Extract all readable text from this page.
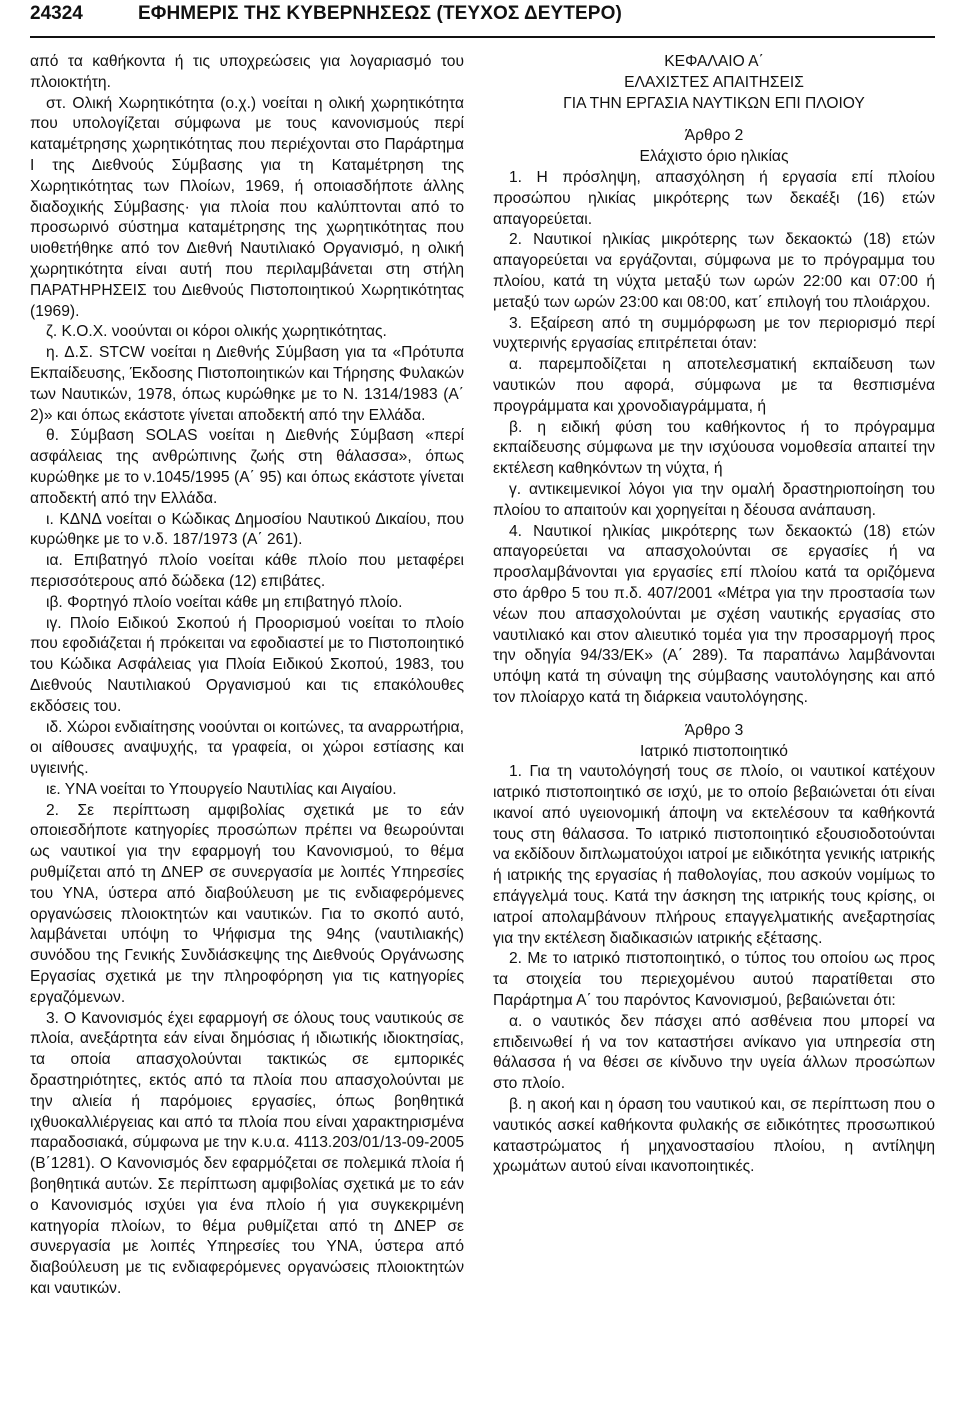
24324	ΕΦΗΜΕΡΙΣ ΤΗΣ ΚΥΒΕΡΝΗΣΕΩΣ (ΤΕΥΧΟΣ ΔΕΥΤΕΡΟ)

από τα καθήκοντα ή τις υποχρεώσεις για λογαριασμό του πλοιοκτήτη.

στ. Ολική Χωρητικότητα (ο.χ.) νοείται η ολική χωρητικότητα που υπολογίζεται σύμφωνα με τους κανονισμούς περί καταμέτρησης χωρητικότητας που περιέχονται στο Παράρτημα Ι της Διεθνούς Σύμβασης για τη Καταμέτρηση της Χωρητικότητας των Πλοίων, 1969, ή οποιασδήποτε άλλης διαδοχικής Σύμβασης· για πλοία που καλύπτονται από το προσωρινό σύστημα καταμέτρησης της χωρητικότητας που υιοθετήθηκε από τον Διεθνή Ναυτιλιακό Οργανισμό, η ολική χωρητικότητα είναι αυτή που περιλαμβάνεται στη στήλη ΠΑΡΑΤΗΡΗΣΕΙΣ του Διεθνούς Πιστοποιητικού Χωρητικότητας (1969).

ζ. Κ.Ο.Χ. νοούνται οι κόροι ολικής χωρητικότητας.

η. Δ.Σ. STCW νοείται η Διεθνής Σύμβαση για τα «Πρότυπα Εκπαίδευσης, Έκδοσης Πιστοποιητικών και Τήρησης Φυλακών των Ναυτικών, 1978, όπως κυρώθηκε με το Ν. 1314/1983 (Α΄ 2)» και όπως εκάστοτε γίνεται αποδεκτή από την Ελλάδα.

θ. Σύμβαση SOLAS νοείται η Διεθνής Σύμβαση «περί ασφάλειας της ανθρώπινης ζωής στη θάλασσα», όπως κυρώθηκε με το ν.1045/1995 (Α΄ 95) και όπως εκάστοτε γίνεται αποδεκτή από την Ελλάδα.

ι. ΚΔΝΔ νοείται ο Κώδικας Δημοσίου Ναυτικού Δικαίου, που κυρώθηκε με το ν.δ. 187/1973 (Α΄ 261).

ια. Επιβατηγό πλοίο νοείται κάθε πλοίο που μεταφέρει περισσότερους από δώδεκα (12) επιβάτες.

ιβ. Φορτηγό πλοίο νοείται κάθε μη επιβατηγό πλοίο.

ιγ. Πλοίο Ειδικού Σκοπού ή Προορισμού νοείται το πλοίο που εφοδιάζεται ή πρόκειται να εφοδιαστεί με το Πιστοποιητικό του Κώδικα Ασφάλειας για Πλοία Ειδικού Σκοπού, 1983, του Διεθνούς Ναυτιλιακού Οργανισμού και τις επακόλουθες εκδόσεις του.

ιδ. Χώροι ενδιαίτησης νοούνται οι κοιτώνες, τα αναρρωτήρια, οι αίθουσες αναψυχής, τα γραφεία, οι χώροι εστίασης και υγιεινής.

ιε. ΥΝΑ νοείται το Υπουργείο Ναυτιλίας και Αιγαίου.

2. Σε περίπτωση αμφιβολίας σχετικά με το εάν οποιεσδήποτε κατηγορίες προσώπων πρέπει να θεωρούνται ως ναυτικοί για την εφαρμογή του Κανονισμού, το θέμα ρυθμίζεται από τη ΔΝΕΡ σε συνεργασία με λοιπές Υπηρεσίες του ΥΝΑ, ύστερα από διαβούλευση με τις ενδιαφερόμενες οργανώσεις πλοιοκτητών και ναυτικών. Για το σκοπό αυτό, λαμβάνεται υπόψη το Ψήφισμα της 94ης (ναυτιλιακής) συνόδου της Γενικής Συνδιάσκεψης της Διεθνούς Οργάνωσης Εργασίας σχετικά με την πληροφόρηση για τις κατηγορίες εργαζόμενων.

3. Ο Κανονισμός έχει εφαρμογή σε όλους τους ναυτικούς σε πλοία, ανεξάρτητα εάν είναι δημόσιας ή ιδιωτικής ιδιοκτησίας, τα οποία απασχολούνται τακτικώς σε εμπορικές δραστηριότητες, εκτός από τα πλοία που απασχολούνται με την αλιεία ή παρόμοιες εργασίες, όπως βοηθητικά ιχθυοκαλλιέργειας και από τα πλοία που είναι χαρακτηρισμένα παραδοσιακά, σύμφωνα με την κ.υ.α. 4113.203/01/13-09-2005 (Β΄1281). Ο Κανονισμός δεν εφαρμόζεται σε πολεμικά πλοία ή βοηθητικά αυτών. Σε περίπτωση αμφιβολίας σχετικά με το εάν ο Κανονισμός ισχύει για ένα πλοίο ή για συγκεκριμένη κατηγορία πλοίων, το θέμα ρυθμίζεται από τη ΔΝΕΡ σε συνεργασία με λοιπές Υπηρεσίες του ΥΝΑ, ύστερα από διαβούλευση με τις ενδιαφερόμενες οργανώσεις πλοιοκτητών και ναυτικών.

ΚΕΦΑΛΑΙΟ Α΄

ΕΛΑΧΙΣΤΕΣ ΑΠΑΙΤΗΣΕΙΣ

ΓΙΑ ΤΗΝ ΕΡΓΑΣΙΑ ΝΑΥΤΙΚΩΝ ΕΠΙ ΠΛΟΙΟΥ

Άρθρο 2

Ελάχιστο όριο ηλικίας

1. Η πρόσληψη, απασχόληση ή εργασία επί πλοίου προσώπου ηλικίας μικρότερης των δεκαέξι (16) ετών απαγορεύεται.

2. Ναυτικοί ηλικίας μικρότερης των δεκαοκτώ (18) ετών απαγορεύεται να εργάζονται, σύμφωνα με το πρόγραμμα του πλοίου, κατά τη νύχτα μεταξύ των ωρών 22:00 και 07:00 ή μεταξύ των ωρών 23:00 και 08:00, κατ΄ επιλογή του πλοιάρχου.

3. Εξαίρεση από τη συμμόρφωση με τον περιορισμό περί νυχτερινής εργασίας επιτρέπεται όταν:

α. παρεμποδίζεται η αποτελεσματική εκπαίδευση των ναυτικών που αφορά, σύμφωνα με τα θεσπισμένα προγράμματα και χρονοδιαγράμματα, ή

β. η ειδική φύση του καθήκοντος ή το πρόγραμμα εκπαίδευσης σύμφωνα με την ισχύουσα νομοθεσία απαιτεί την εκτέλεση καθηκόντων τη νύχτα, ή

γ. αντικειμενικοί λόγοι για την ομαλή δραστηριοποίηση του πλοίου το απαιτούν και χορηγείται η δέουσα ανάπαυση.

4. Ναυτικοί ηλικίας μικρότερης των δεκαοκτώ (18) ετών απαγορεύεται να απασχολούνται σε εργασίες ή να προσλαμβάνονται για εργασίες επί πλοίου κατά τα οριζόμενα στο άρθρο 5 του π.δ. 407/2001 «Μέτρα για την προστασία των νέων που απασχολούνται με σχέση ναυτικής εργασίας στο ναυτιλιακό και στον αλιευτικό τομέα για την προσαρμογή προς την οδηγία 94/33/ΕΚ» (Α΄ 289). Τα παραπάνω λαμβάνονται υπόψη κατά τη σύναψη της σύμβασης ναυτολόγησης και από τον πλοίαρχο κατά τη διάρκεια ναυτολόγησης.

Άρθρο 3

Ιατρικό πιστοποιητικό

1. Για τη ναυτολόγησή τους σε πλοίο, οι ναυτικοί κατέχουν ιατρικό πιστοποιητικό σε ισχύ, με το οποίο βεβαιώνεται ότι είναι ικανοί από υγειονομική άποψη να εκτελέσουν τα καθήκοντά τους στη θάλασσα. Το ιατρικό πιστοποιητικό εξουσιοδοτούνται να εκδίδουν διπλωματούχοι ιατροί με ειδικότητα γενικής ιατρικής ή ιατρικής της εργασίας ή παθολογίας, που ασκούν νομίμως το επάγγελμά τους. Κατά την άσκηση της ιατρικής τους κρίσης, οι ιατροί απολαμβάνουν πλήρους επαγγελματικής ανεξαρτησίας για την εκτέλεση διαδικασιών ιατρικής εξέτασης.

2. Με το ιατρικό πιστοποιητικό, ο τύπος του οποίου ως προς τα στοιχεία του περιεχομένου αυτού παρατίθεται στο Παράρτημα Α΄ του παρόντος Κανονισμού, βεβαιώνεται ότι:

α. ο ναυτικός δεν πάσχει από ασθένεια που μπορεί να επιδεινωθεί ή να τον καταστήσει ανίκανο για υπηρεσία στη θάλασσα ή να θέσει σε κίνδυνο την υγεία άλλων προσώπων στο πλοίο.

β. η ακοή και η όραση του ναυτικού και, σε περίπτωση που ο ναυτικός ασκεί καθήκοντα φυλακής σε ειδικότητες προσωπικού καταστρώματος ή μηχανοστασίου πλοίου, η αντίληψη χρωμάτων αυτού είναι ικανοποιητικές.
